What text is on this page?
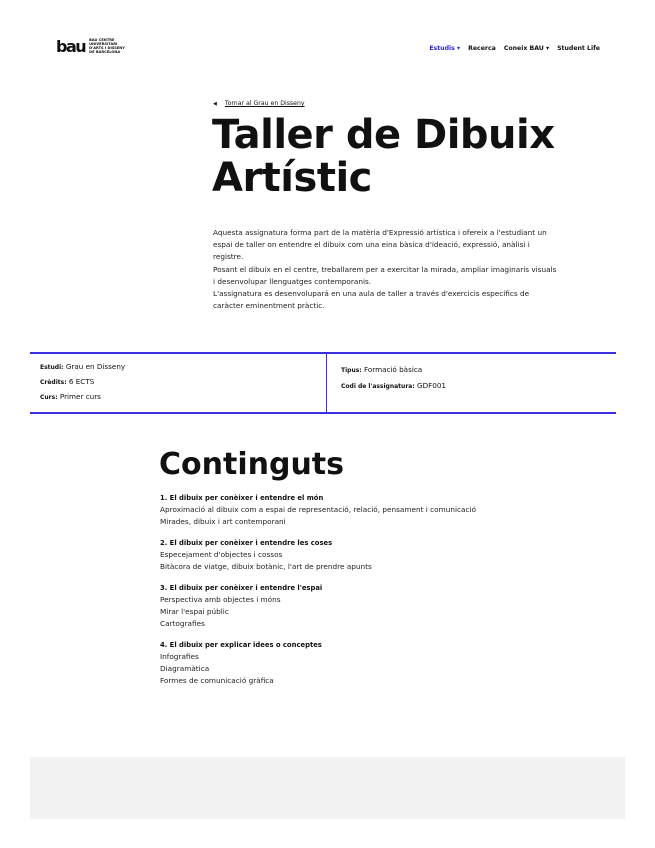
bau BAU CENTRE
UNIVERSITARI
D'ARTS I DISSENY
DE BARCELONA	Estudis ▾ Recerca Coneix BAU ▾ Student Life
◀ Tornar al Grau en Disseny
Taller de Dibuix Artístic

Aquesta assignatura forma part de la matèria d'Expressió artística i ofereix a l'estudiant un espai de taller on entendre el dibuix com una eina bàsica d'ideació, expressió, anàlisi i registre.

Posant el dibuix en el centre, treballarem per a exercitar la mirada, ampliar imaginaris visuals i desenvolupar llenguatges contemporanis.

L'assignatura es desenvolupará en una aula de taller a través d'exercicis específics de caràcter eminentment pràctic.

Estudi: Grau en Disseny
Crèdits: 6 ECTS
Curs: Primer curs
Tipus: Formació bàsica
Codi de l'assignatura: GDF001
Continguts
1. El dibuix per conèixer i entendre el món
Aproximació al dibuix com a espai de representació, relació, pensament i comunicació
Mirades, dibuix i art contemporani
2. El dibuix per conèixer i entendre les coses
Especejament d'objectes i cossos
Bitàcora de viatge, dibuix botànic, l'art de prendre apunts
3. El dibuix per conèixer i entendre l'espai
Perspectiva amb objectes i móns
Mirar l'espai públic
Cartografies
4. El dibuix per explicar idees o conceptes
Infografies
Diagramàtica
Formes de comunicació gràfica
